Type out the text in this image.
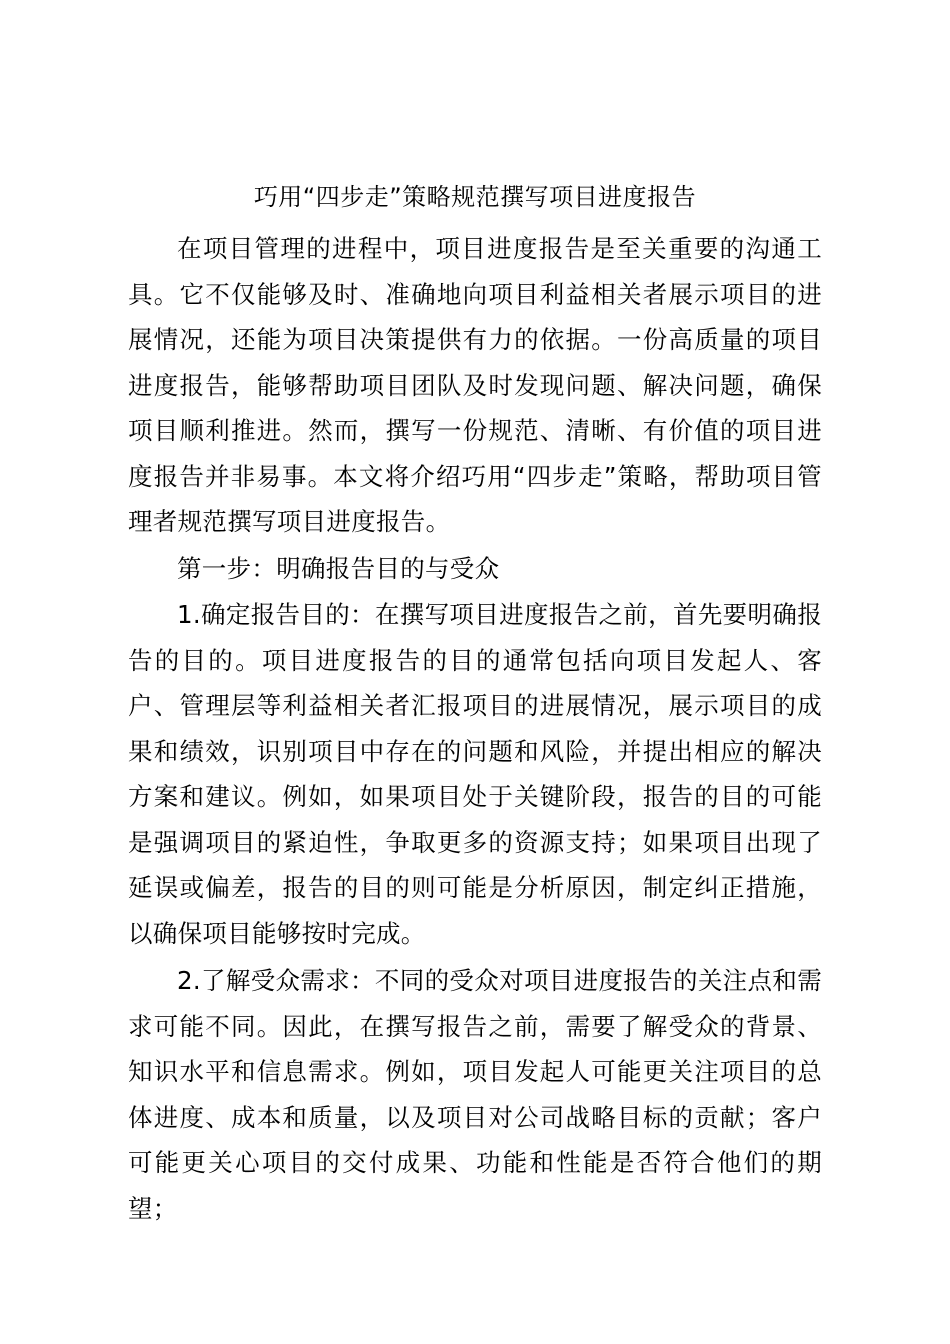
巧用“四步走”策略规范撰写项目进度报告

在项目管理的进程中，项目进度报告是至关重要的沟通工具。它不仅能够及时、准确地向项目利益相关者展示项目的进展情况，还能为项目决策提供有力的依据。一份高质量的项目进度报告，能够帮助项目团队及时发现问题、解决问题，确保项目顺利推进。然而，撰写一份规范、清晰、有价值的项目进度报告并非易事。本文将介绍巧用“四步走”策略，帮助项目管理者规范撰写项目进度报告。

第一步：明确报告目的与受众

1.确定报告目的：在撰写项目进度报告之前，首先要明确报告的目的。项目进度报告的目的通常包括向项目发起人、客户、管理层等利益相关者汇报项目的进展情况，展示项目的成果和绩效，识别项目中存在的问题和风险，并提出相应的解决方案和建议。例如，如果项目处于关键阶段，报告的目的可能是强调项目的紧迫性，争取更多的资源支持；如果项目出现了延误或偏差，报告的目的则可能是分析原因，制定纠正措施，以确保项目能够按时完成。

2.了解受众需求：不同的受众对项目进度报告的关注点和需求可能不同。因此，在撰写报告之前，需要了解受众的背景、知识水平和信息需求。例如，项目发起人可能更关注项目的总体进度、成本和质量，以及项目对公司战略目标的贡献；客户可能更关心项目的交付成果、功能和性能是否符合他们的期望；
